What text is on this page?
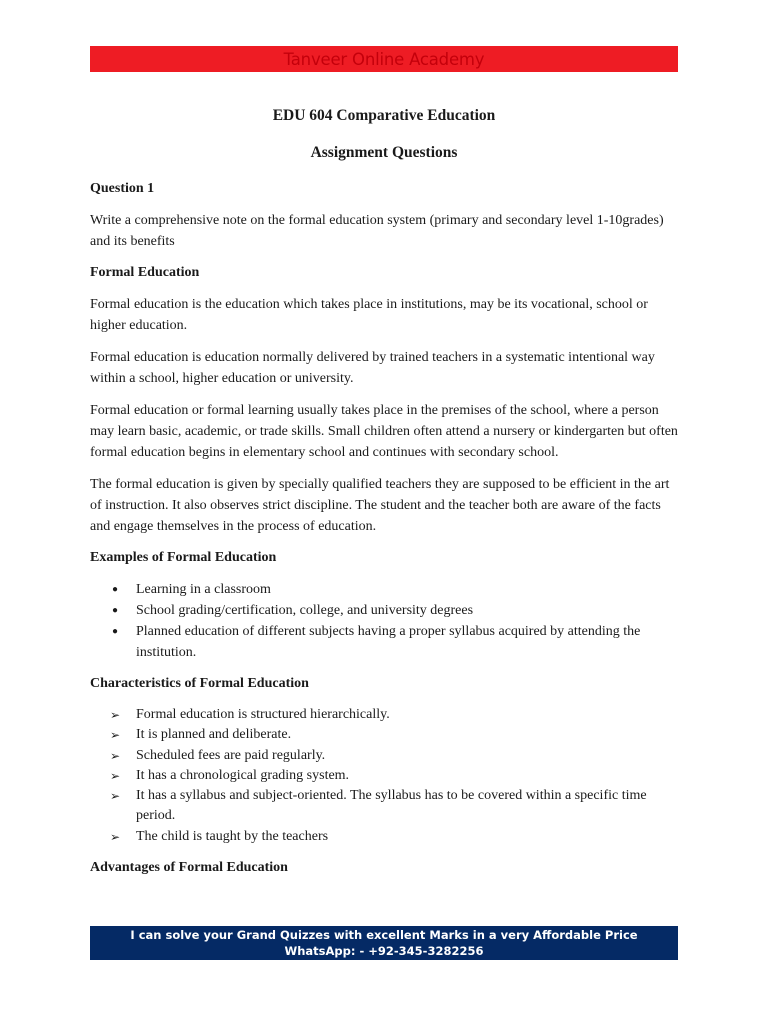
Tanveer Online Academy

EDU 604 Comparative Education

Assignment Questions

Question 1

Write a comprehensive note on the formal education system (primary and secondary level 1-10grades) and its benefits

Formal Education

Formal education is the education which takes place in institutions, may be its vocational, school or higher education.

Formal education is education normally delivered by trained teachers in a systematic intentional way within a school, higher education or university.

Formal education or formal learning usually takes place in the premises of the school, where a person may learn basic, academic, or trade skills. Small children often attend a nursery or kindergarten but often formal education begins in elementary school and continues with secondary school.

The formal education is given by specially qualified teachers they are supposed to be efficient in the art of instruction. It also observes strict discipline. The student and the teacher both are aware of the facts and engage themselves in the process of education.

Examples of Formal Education

●	Learning in a classroom
●	School grading/certification, college, and university degrees
●	Planned education of different subjects having a proper syllabus acquired by attending the institution.

Characteristics of Formal Education

➢	Formal education is structured hierarchically.
➢	It is planned and deliberate.
➢	Scheduled fees are paid regularly.
➢	It has a chronological grading system.
➢	It has a syllabus and subject-oriented. The syllabus has to be covered within a specific time period.
➢	The child is taught by the teachers

Advantages of Formal Education

I can solve your Grand Quizzes with excellent Marks in a very Affordable Price
WhatsApp: - +92-345-3282256
